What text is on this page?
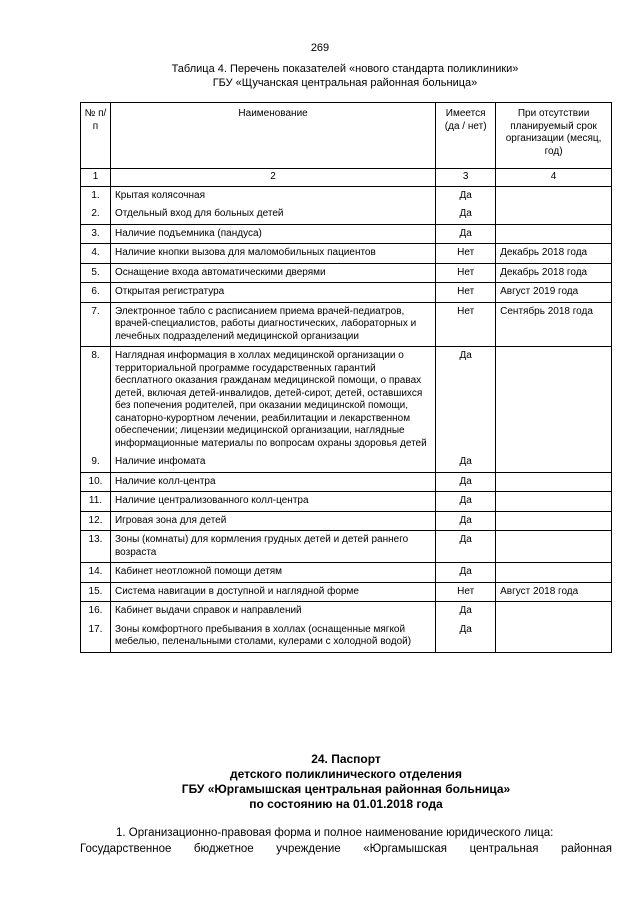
269
Таблица 4. Перечень показателей «нового стандарта поликлиники»
ГБУ «Щучанская центральная районная больница»
№ п/п	Наименование	Имеется (да / нет)	При отсутствии планируемый срок организации (месяц, год)
1	2	3	4
1.	Крытая колясочная	Да	
2.	Отдельный вход для больных детей	Да	
3.	Наличие подъемника (пандуса)	Да	
4.	Наличие кнопки вызова для маломобильных пациентов	Нет	Декабрь 2018 года
5.	Оснащение входа автоматическими дверями	Нет	Декабрь 2018 года
6.	Открытая регистратура	Нет	Август 2019 года
7.	Электронное табло с расписанием приема врачей-педиатров, врачей-специалистов, работы диагностических, лабораторных и лечебных подразделений медицинской организации	Нет	Сентябрь 2018 года
8.	Наглядная информация в холлах медицинской организации о территориальной программе государственных гарантий бесплатного оказания гражданам медицинской помощи, о правах детей, включая детей-инвалидов, детей-сирот, детей, оставшихся без попечения родителей, при оказании медицинской помощи, санаторно-курортном лечении, реабилитации и лекарственном обеспечении; лицензии медицинской организации, наглядные информационные материалы по вопросам охраны здоровья детей	Да	
9.	Наличие инфомата	Да	
10.	Наличие колл-центра	Да	
11.	Наличие централизованного колл-центра	Да	
12.	Игровая зона для детей	Да	
13.	Зоны (комнаты) для кормления грудных детей и детей раннего возраста	Да	
14.	Кабинет неотложной помощи детям	Да	
15.	Система навигации в доступной и наглядной форме	Нет	Август 2018 года
16.	Кабинет выдачи справок и направлений	Да	
17.	Зоны комфортного пребывания в холлах (оснащенные мягкой мебелью, пеленальными столами, кулерами с холодной водой)	Да	
24. Паспорт
детского поликлинического отделения
ГБУ «Юргамышская центральная районная больница»
по состоянию на 01.01.2018 года
1. Организационно-правовая форма и полное наименование юридического лица:
Государственное бюджетное учреждение «Юргамышская центральная районная
